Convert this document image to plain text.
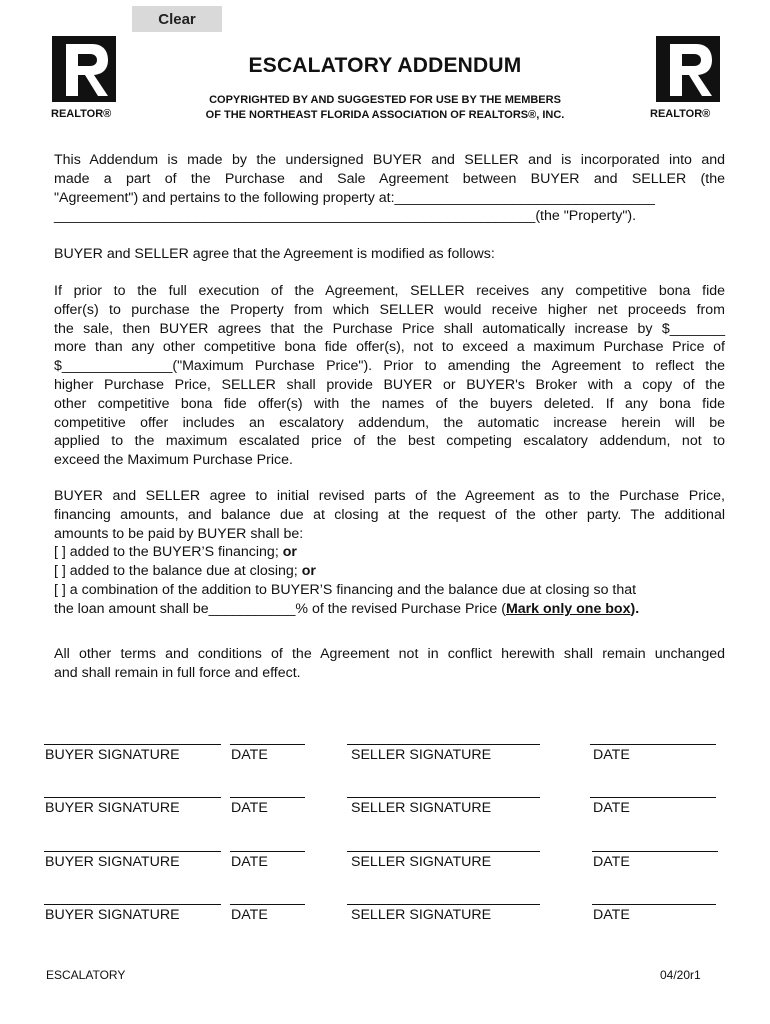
Clear
REALTOR®	REALTOR®
ESCALATORY ADDENDUM
COPYRIGHTED BY AND SUGGESTED FOR USE BY THE MEMBERS
OF THE NORTHEAST FLORIDA ASSOCIATION OF REALTORS®, INC.
This Addendum is made by the undersigned BUYER and SELLER and is incorporated into and
made a part of the Purchase and Sale Agreement between BUYER and SELLER (the
"Agreement") and pertains to the following property at:_________________________________
_____________________________________________________________(the "Property").
BUYER and SELLER agree that the Agreement is modified as follows:
If prior to the full execution of the Agreement, SELLER receives any competitive bona fide
offer(s) to purchase the Property from which SELLER would receive higher net proceeds from
the sale, then BUYER agrees that the Purchase Price shall automatically increase by $_______
more than any other competitive bona fide offer(s), not to exceed a maximum Purchase Price of
$______________("Maximum Purchase Price"). Prior to amending the Agreement to reflect the
higher Purchase Price, SELLER shall provide BUYER or BUYER's Broker with a copy of the
other competitive bona fide offer(s) with the names of the buyers deleted. If any bona fide
competitive offer includes an escalatory addendum, the automatic increase herein will be
applied to the maximum escalated price of the best competing escalatory addendum, not to
exceed the Maximum Purchase Price.
BUYER and SELLER agree to initial revised parts of the Agreement as to the Purchase Price,
financing amounts, and balance due at closing at the request of the other party. The additional
amounts to be paid by BUYER shall be:
[ ] added to the BUYER’S financing; or
[ ] added to the balance due at closing; or
[ ] a combination of the addition to BUYER’S financing and the balance due at closing so that
the loan amount shall be___________% of the revised Purchase Price (Mark only one box).
All other terms and conditions of the Agreement not in conflict herewith shall remain unchanged
and shall remain in full force and effect.
BUYER SIGNATURE	DATE	SELLER SIGNATURE	DATE
BUYER SIGNATURE	DATE	SELLER SIGNATURE	DATE
BUYER SIGNATURE	DATE	SELLER SIGNATURE	DATE
BUYER SIGNATURE	DATE	SELLER SIGNATURE	DATE
ESCALATORY	04/20r1
